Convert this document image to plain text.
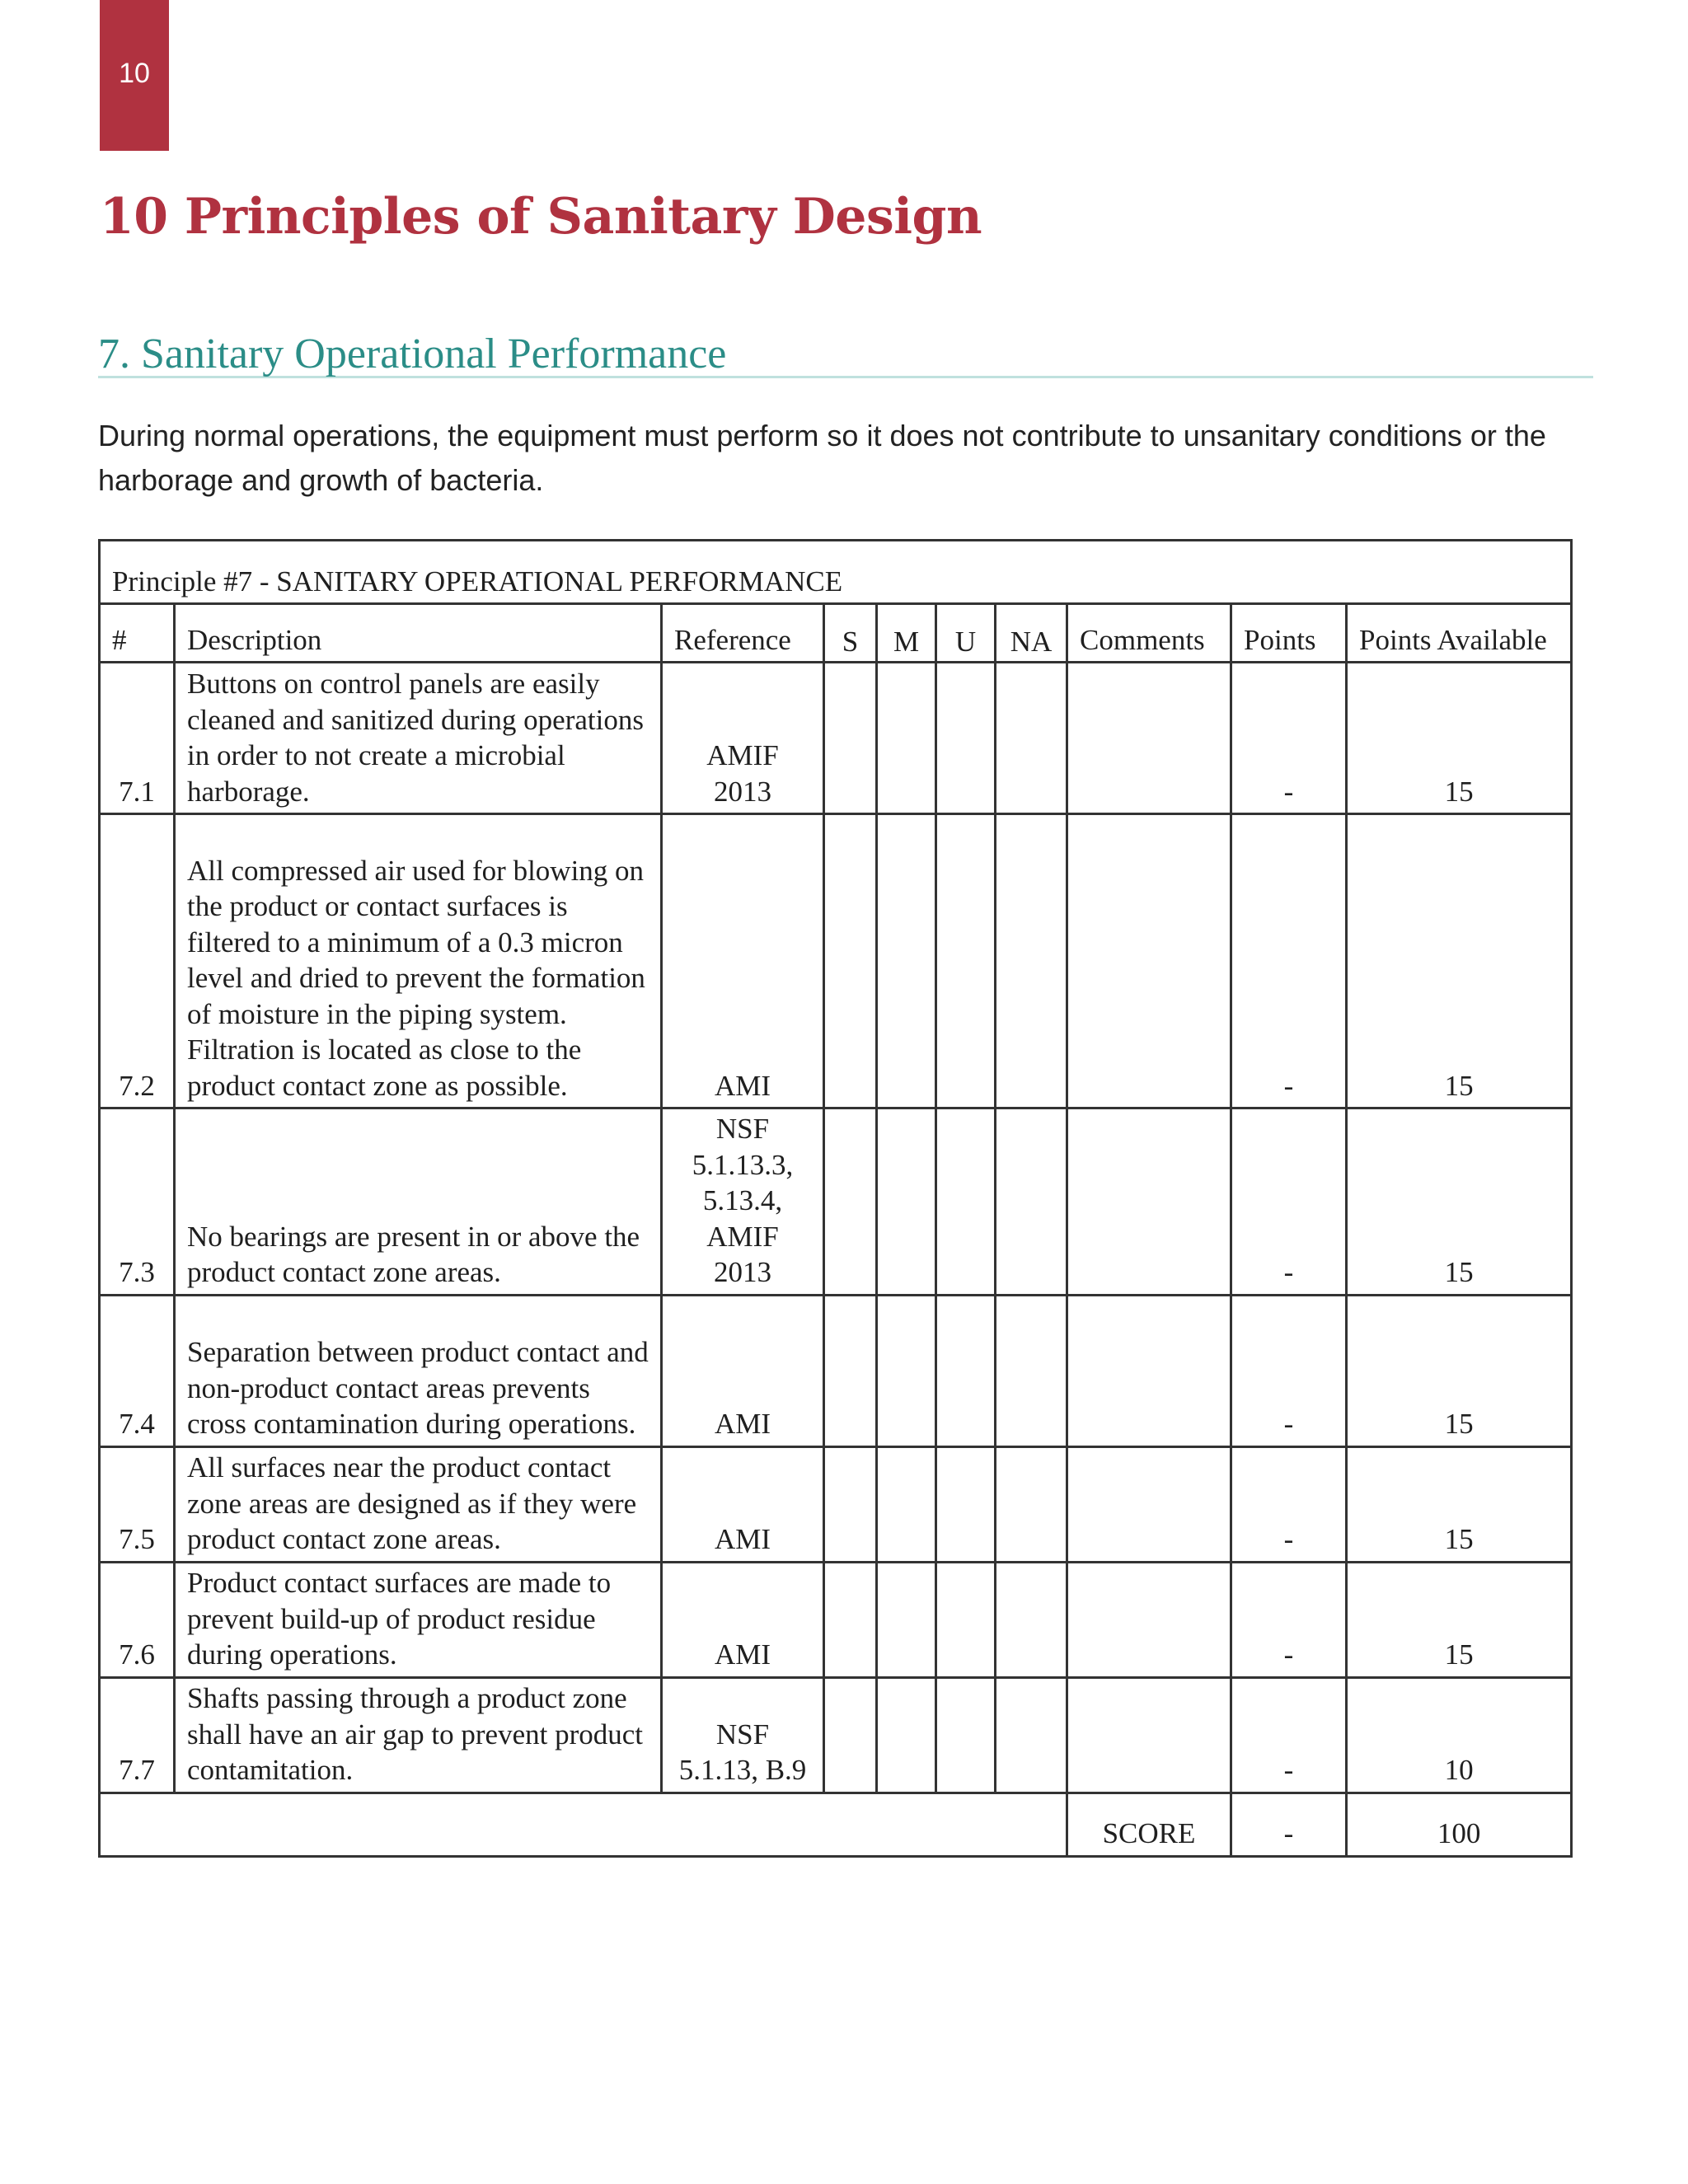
10
10 Principles of Sanitary Design
7. Sanitary Operational Performance

During normal operations, the equipment must perform so it does not contribute to unsanitary conditions or the harborage and growth of bacteria.

Principle #7 - SANITARY OPERATIONAL PERFORMANCE									
#	Description	Reference	S	M	U	NA	Comments	Points	Points Available
7.1	Buttons on control panels are easily cleaned and sanitized during operations in order to not create a microbial harborage.	AMIF 2013						-	15
7.2	All compressed air used for blowing on the product or contact surfaces is filtered to a minimum of a 0.3 micron level and dried to prevent the formation of moisture in the piping system. Filtration is located as close to the product contact zone as possible.	AMI						-	15
7.3	No bearings are present in or above the product contact zone areas.	NSF 5.1.13.3, 5.13.4, AMIF 2013						-	15
7.4	Separation between product contact and non-product contact areas prevents cross contamination during operations.	AMI						-	15
7.5	All surfaces near the product contact zone areas are designed as if they were product contact zone areas.	AMI						-	15
7.6	Product contact surfaces are made to prevent build-up of product residue during operations.	AMI						-	15
7.7	Shafts passing through a product zone shall have an air gap to prevent product contamitation.	NSF 5.1.13, B.9						-	10
							SCORE	-	100
